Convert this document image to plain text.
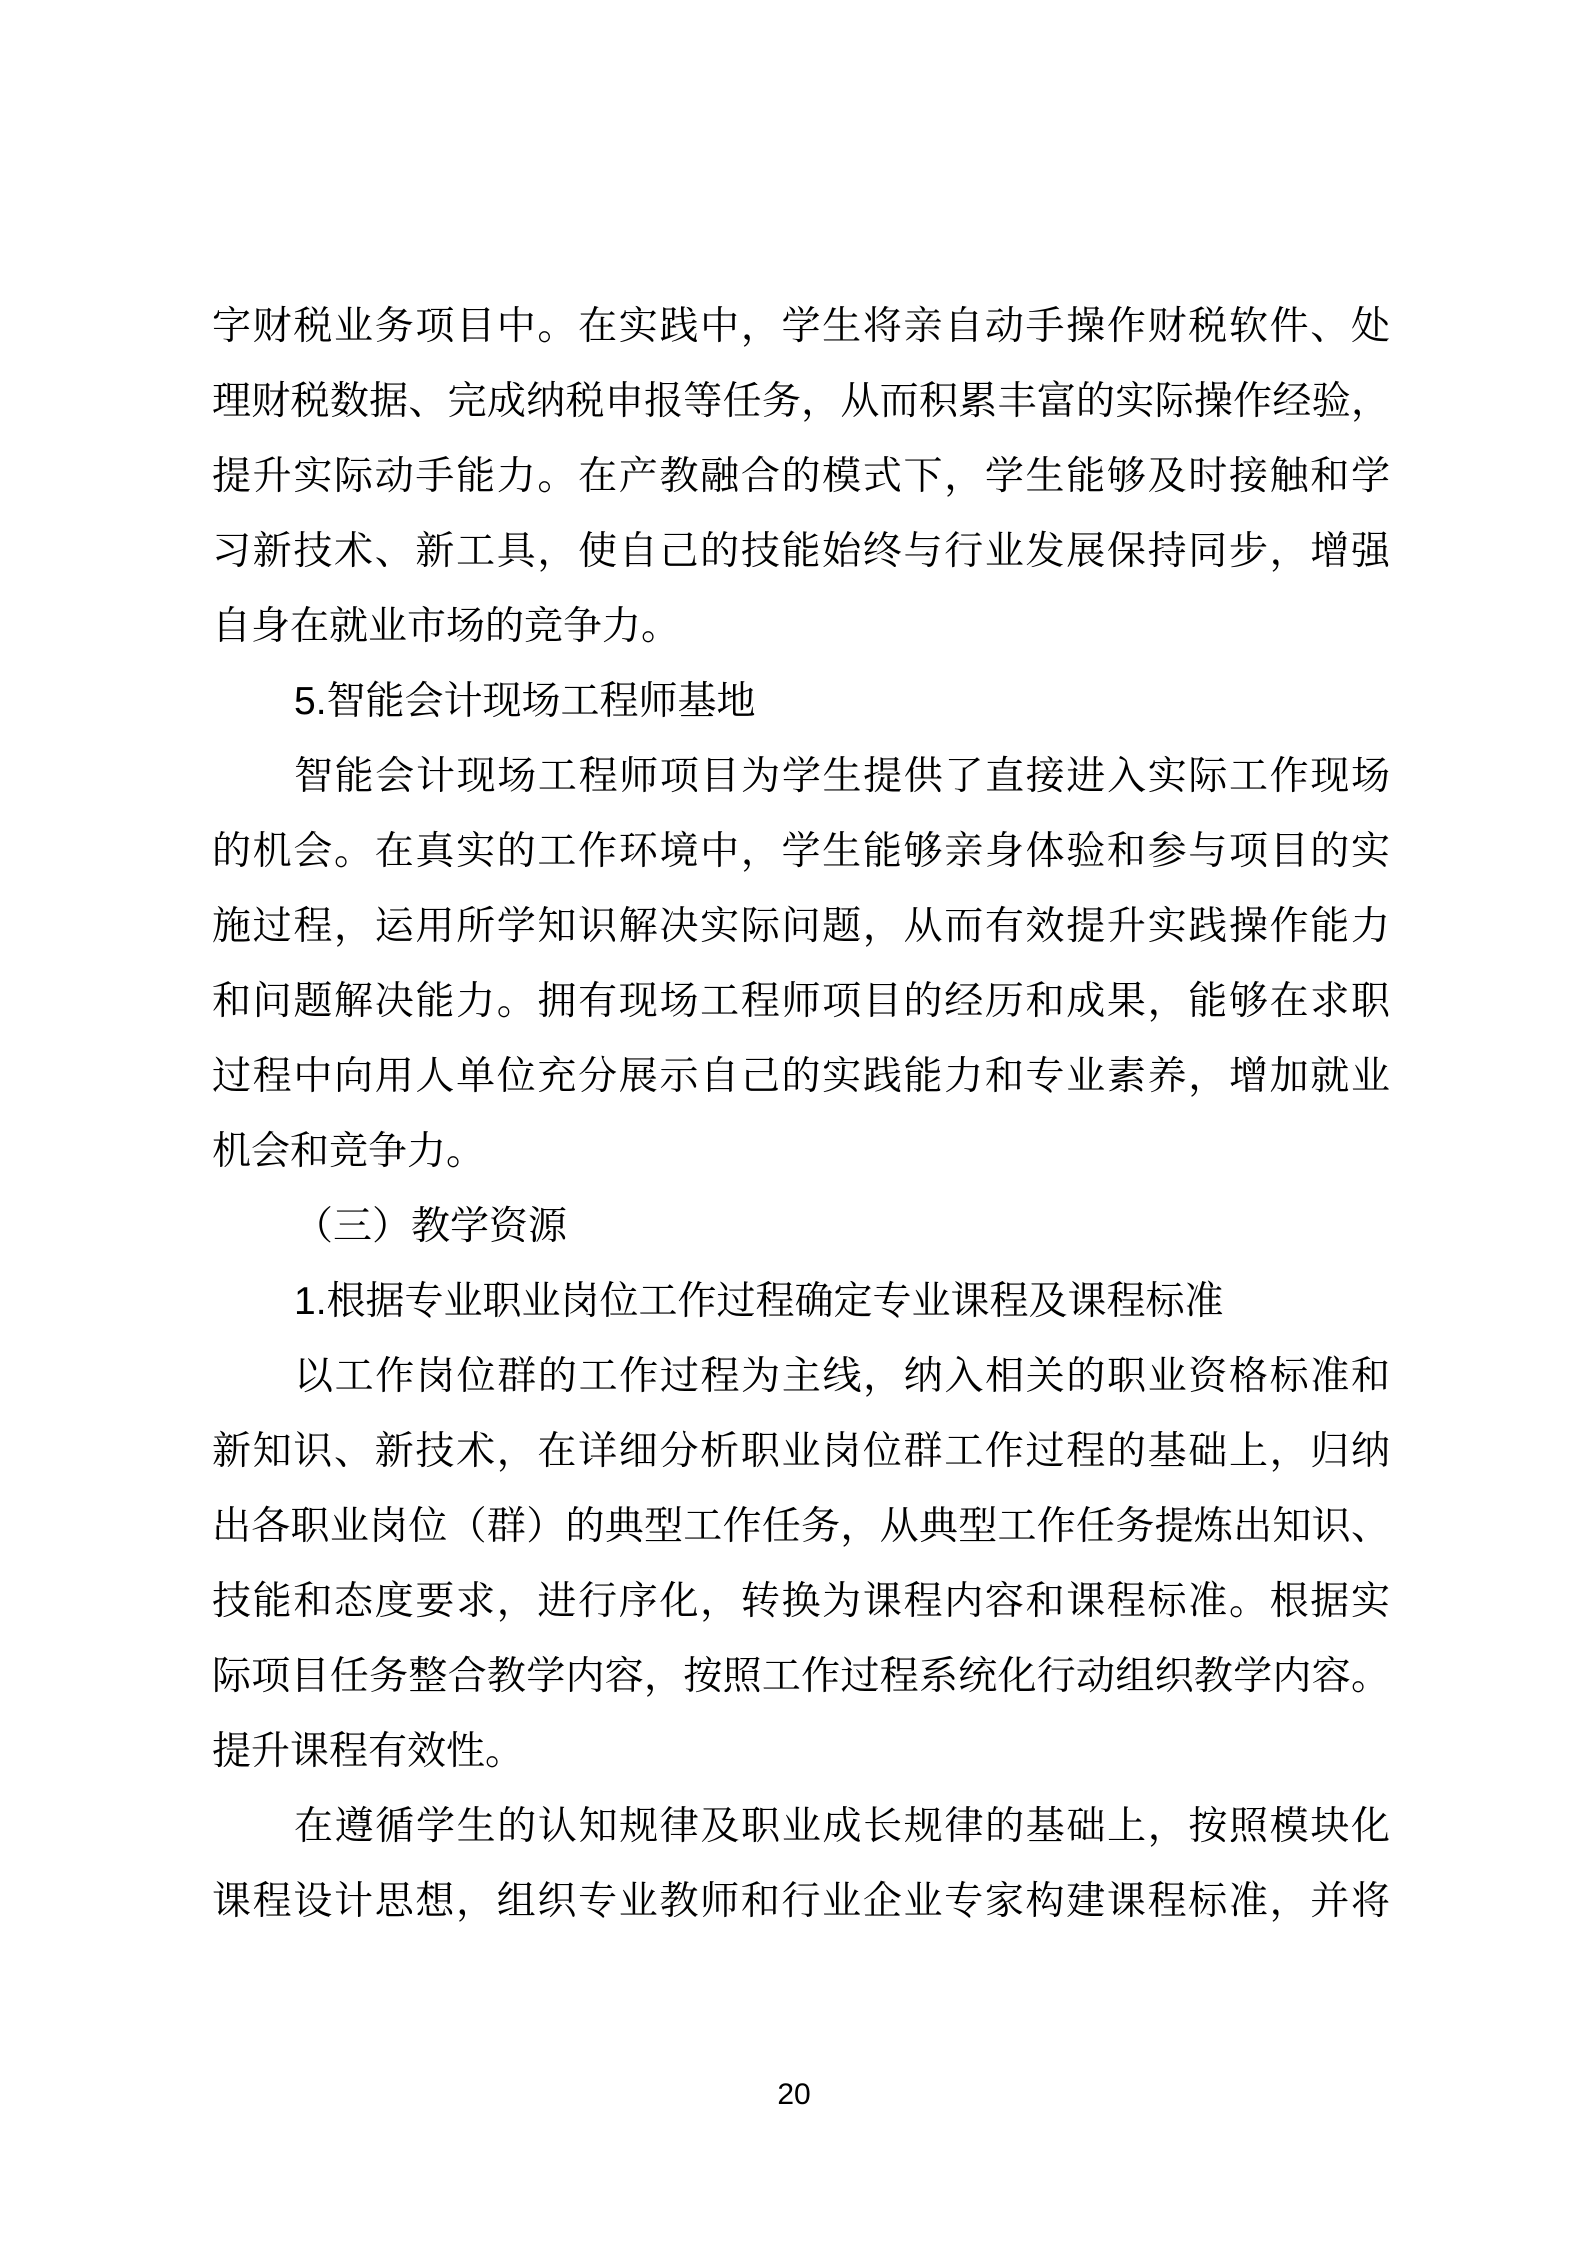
字财税业务项目中。在实践中，学生将亲自动手操作财税软件、处
理财税数据、完成纳税申报等任务，从而积累丰富的实际操作经验，
提升实际动手能力。在产教融合的模式下，学生能够及时接触和学
习新技术、新工具，使自己的技能始终与行业发展保持同步，增强
自身在就业市场的竞争力。
5.智能会计现场工程师基地
智能会计现场工程师项目为学生提供了直接进入实际工作现场
的机会。在真实的工作环境中，学生能够亲身体验和参与项目的实
施过程，运用所学知识解决实际问题，从而有效提升实践操作能力
和问题解决能力。拥有现场工程师项目的经历和成果，能够在求职
过程中向用人单位充分展示自己的实践能力和专业素养，增加就业
机会和竞争力。
（三）教学资源
1.根据专业职业岗位工作过程确定专业课程及课程标准
以工作岗位群的工作过程为主线，纳入相关的职业资格标准和
新知识、新技术，在详细分析职业岗位群工作过程的基础上，归纳
出各职业岗位（群）的典型工作任务，从典型工作任务提炼出知识、
技能和态度要求，进行序化，转换为课程内容和课程标准。根据实
际项目任务整合教学内容，按照工作过程系统化行动组织教学内容。
提升课程有效性。
在遵循学生的认知规律及职业成长规律的基础上，按照模块化
课程设计思想，组织专业教师和行业企业专家构建课程标准，并将
20
